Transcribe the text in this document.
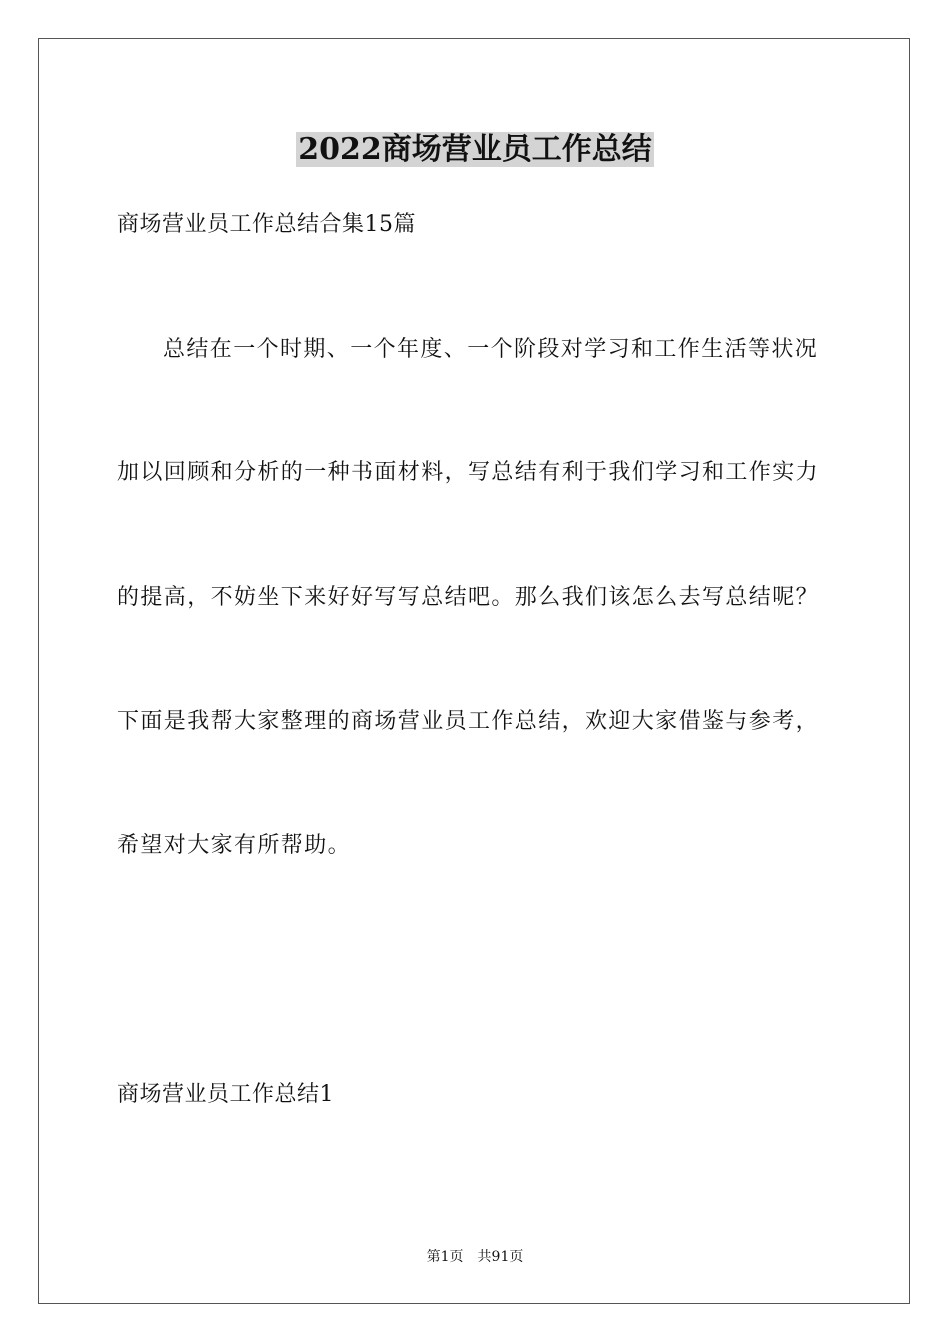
2022商场营业员工作总结
商场营业员工作总结合集15篇
总结在一个时期、一个年度、一个阶段对学习和工作生活等状况
加以回顾和分析的一种书面材料，写总结有利于我们学习和工作实力
的提高，不妨坐下来好好写写总结吧。那么我们该怎么去写总结呢？
下面是我帮大家整理的商场营业员工作总结，欢迎大家借鉴与参考，
希望对大家有所帮助。
商场营业员工作总结1
第1页 共91页
